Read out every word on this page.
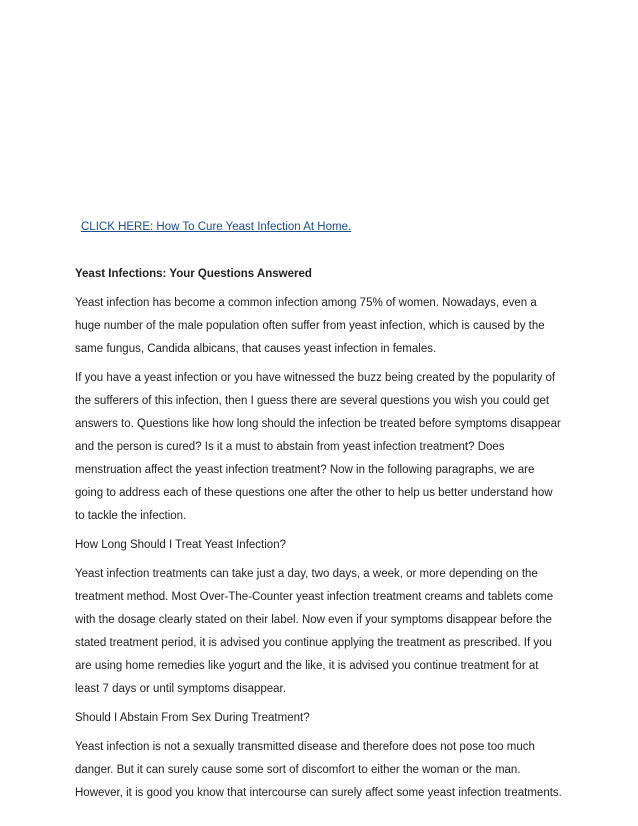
CLICK HERE: How To Cure Yeast Infection At Home.
Yeast Infections: Your Questions Answered
Yeast infection has become a common infection among 75% of women. Nowadays, even a
huge number of the male population often suffer from yeast infection, which is caused by the
same fungus, Candida albicans, that causes yeast infection in females.
If you have a yeast infection or you have witnessed the buzz being created by the popularity of
the sufferers of this infection, then I guess there are several questions you wish you could get
answers to. Questions like how long should the infection be treated before symptoms disappear
and the person is cured? Is it a must to abstain from yeast infection treatment? Does
menstruation affect the yeast infection treatment? Now in the following paragraphs, we are
going to address each of these questions one after the other to help us better understand how
to tackle the infection.
How Long Should I Treat Yeast Infection?
Yeast infection treatments can take just a day, two days, a week, or more depending on the
treatment method. Most Over-The-Counter yeast infection treatment creams and tablets come
with the dosage clearly stated on their label. Now even if your symptoms disappear before the
stated treatment period, it is advised you continue applying the treatment as prescribed. If you
are using home remedies like yogurt and the like, it is advised you continue treatment for at
least 7 days or until symptoms disappear.
Should I Abstain From Sex During Treatment?
Yeast infection is not a sexually transmitted disease and therefore does not pose too much
danger. But it can surely cause some sort of discomfort to either the woman or the man.
However, it is good you know that intercourse can surely affect some yeast infection treatments.
